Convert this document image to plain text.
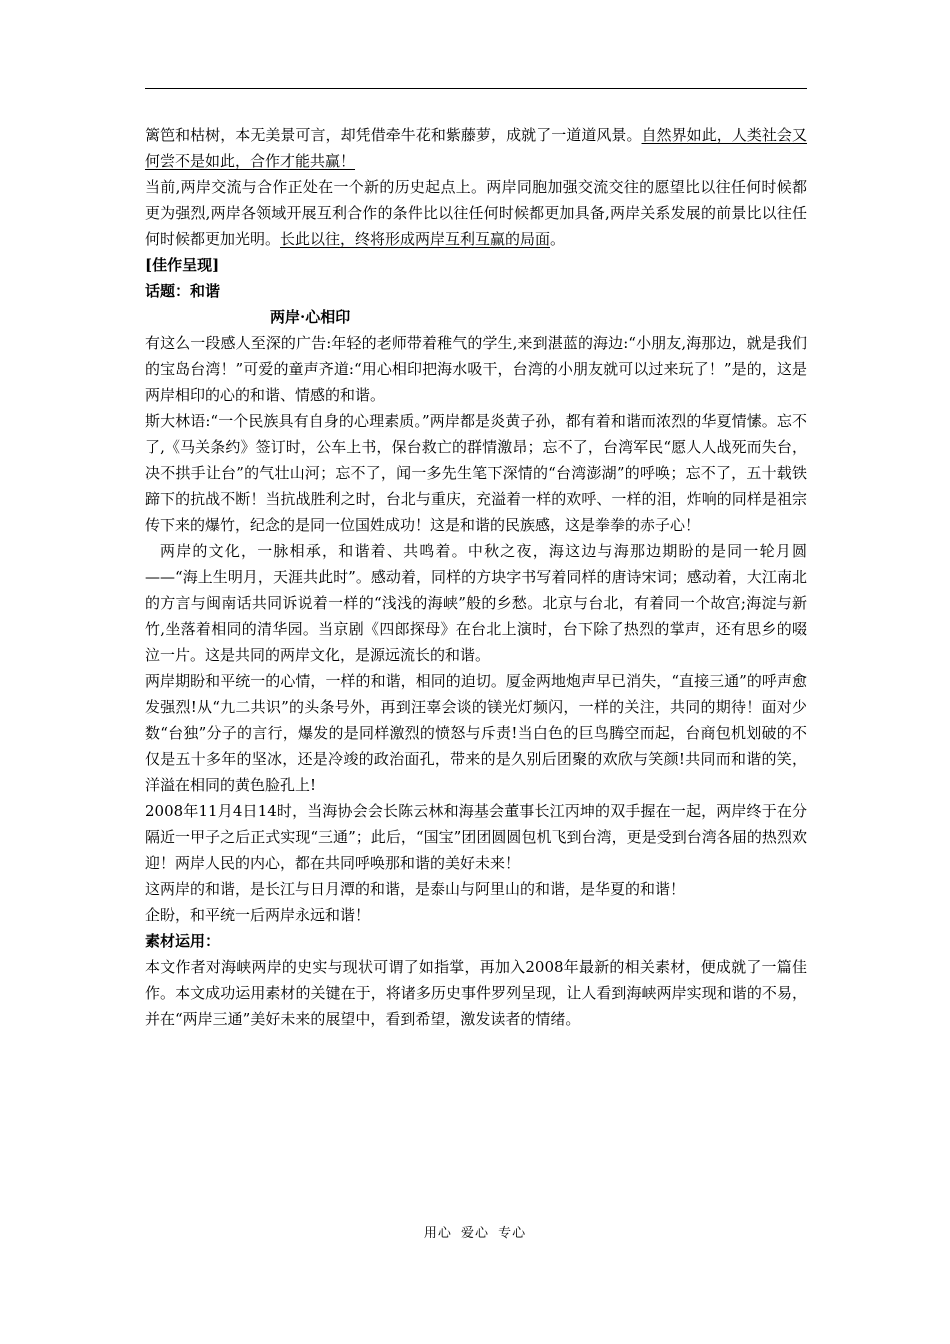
篱笆和枯树，本无美景可言，却凭借牵牛花和紫藤萝，成就了一道道风景。自然界如此，人类社会又何尝不是如此，合作才能共赢！

当前,两岸交流与合作正处在一个新的历史起点上。两岸同胞加强交流交往的愿望比以往任何时候都更为强烈,两岸各领域开展互利合作的条件比以往任何时候都更加具备,两岸关系发展的前景比以往任何时候都更加光明。长此以往，终将形成两岸互利互赢的局面。

[佳作呈现]

话题：和谐

两岸·心相印

有这么一段感人至深的广告:年轻的老师带着稚气的学生,来到湛蓝的海边:“小朋友,海那边，就是我们的宝岛台湾！”可爱的童声齐道:“用心相印把海水吸干，台湾的小朋友就可以过来玩了！”是的，这是两岸相印的心的和谐、情感的和谐。

斯大林语:“一个民族具有自身的心理素质。”两岸都是炎黄子孙，都有着和谐而浓烈的华夏情愫。忘不了,《马关条约》签订时，公车上书，保台救亡的群情激昂；忘不了，台湾军民“愿人人战死而失台，决不拱手让台”的气壮山河；忘不了，闻一多先生笔下深情的“台湾澎湖”的呼唤；忘不了，五十载铁蹄下的抗战不断！当抗战胜利之时，台北与重庆，充溢着一样的欢呼、一样的泪，炸响的同样是祖宗传下来的爆竹，纪念的是同一位国姓成功！这是和谐的民族感，这是拳拳的赤子心！

两岸的文化，一脉相承，和谐着、共鸣着。中秋之夜，海这边与海那边期盼的是同一轮月圆——“海上生明月，天涯共此时”。感动着，同样的方块字书写着同样的唐诗宋词；感动着，大江南北的方言与闽南话共同诉说着一样的“浅浅的海峡”般的乡愁。北京与台北，有着同一个故宫;海淀与新竹,坐落着相同的清华园。当京剧《四郎探母》在台北上演时，台下除了热烈的掌声，还有思乡的啜泣一片。这是共同的两岸文化，是源远流长的和谐。

两岸期盼和平统一的心情，一样的和谐，相同的迫切。厦金两地炮声早已消失，“直接三通”的呼声愈发强烈!从“九二共识”的头条号外，再到汪辜会谈的镁光灯频闪，一样的关注，共同的期待！面对少数“台独”分子的言行，爆发的是同样激烈的愤怒与斥责!当白色的巨鸟腾空而起，台商包机划破的不仅是五十多年的坚冰，还是冷竣的政治面孔，带来的是久别后团聚的欢欣与笑颜!共同而和谐的笑，洋溢在相同的黄色脸孔上!

2008年11月4日14时，当海协会会长陈云林和海基会董事长江丙坤的双手握在一起，两岸终于在分隔近一甲子之后正式实现“三通”；此后，“国宝”团团圆圆包机飞到台湾，更是受到台湾各届的热烈欢迎！两岸人民的内心，都在共同呼唤那和谐的美好未来！

这两岸的和谐，是长江与日月潭的和谐，是泰山与阿里山的和谐，是华夏的和谐！

企盼，和平统一后两岸永远和谐！

素材运用：

本文作者对海峡两岸的史实与现状可谓了如指掌，再加入2008年最新的相关素材，便成就了一篇佳作。本文成功运用素材的关键在于，将诸多历史事件罗列呈现，让人看到海峡两岸实现和谐的不易，并在“两岸三通”美好未来的展望中，看到希望，激发读者的情绪。

用心 爱心 专心
